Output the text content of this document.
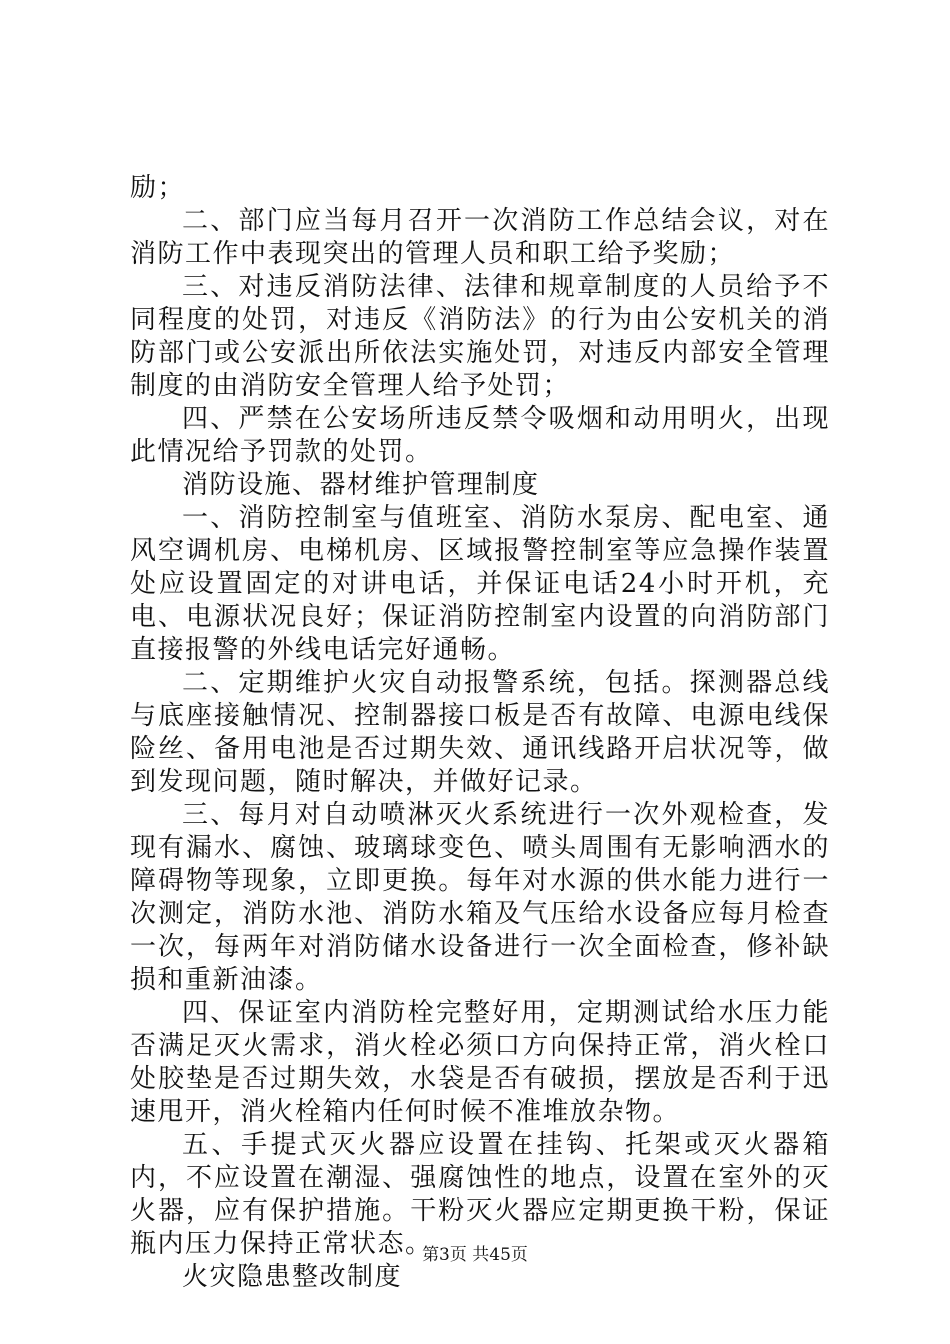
励；

二、部门应当每月召开一次消防工作总结会议，对在消防工作中表现突出的管理人员和职工给予奖励；

三、对违反消防法律、法律和规章制度的人员给予不同程度的处罚，对违反《消防法》的行为由公安机关的消防部门或公安派出所依法实施处罚，对违反内部安全管理制度的由消防安全管理人给予处罚；

四、严禁在公安场所违反禁令吸烟和动用明火，出现此情况给予罚款的处罚。

消防设施、器材维护管理制度

一、消防控制室与值班室、消防水泵房、配电室、通风空调机房、电梯机房、区域报警控制室等应急操作装置处应设置固定的对讲电话，并保证电话24小时开机，充电、电源状况良好；保证消防控制室内设置的向消防部门直接报警的外线电话完好通畅。

二、定期维护火灾自动报警系统，包括。探测器总线与底座接触情况、控制器接口板是否有故障、电源电线保险丝、备用电池是否过期失效、通讯线路开启状况等，做到发现问题，随时解决，并做好记录。

三、每月对自动喷淋灭火系统进行一次外观检查，发现有漏水、腐蚀、玻璃球变色、喷头周围有无影响洒水的障碍物等现象，立即更换。每年对水源的供水能力进行一次测定，消防水池、消防水箱及气压给水设备应每月检查一次，每两年对消防储水设备进行一次全面检查，修补缺损和重新油漆。

四、保证室内消防栓完整好用，定期测试给水压力能否满足灭火需求，消火栓必须口方向保持正常，消火栓口处胶垫是否过期失效，水袋是否有破损，摆放是否利于迅速甩开，消火栓箱内任何时候不准堆放杂物。

五、手提式灭火器应设置在挂钩、托架或灭火器箱内，不应设置在潮湿、强腐蚀性的地点，设置在室外的灭火器，应有保护措施。干粉灭火器应定期更换干粉，保证瓶内压力保持正常状态。

火灾隐患整改制度

第3页 共45页
